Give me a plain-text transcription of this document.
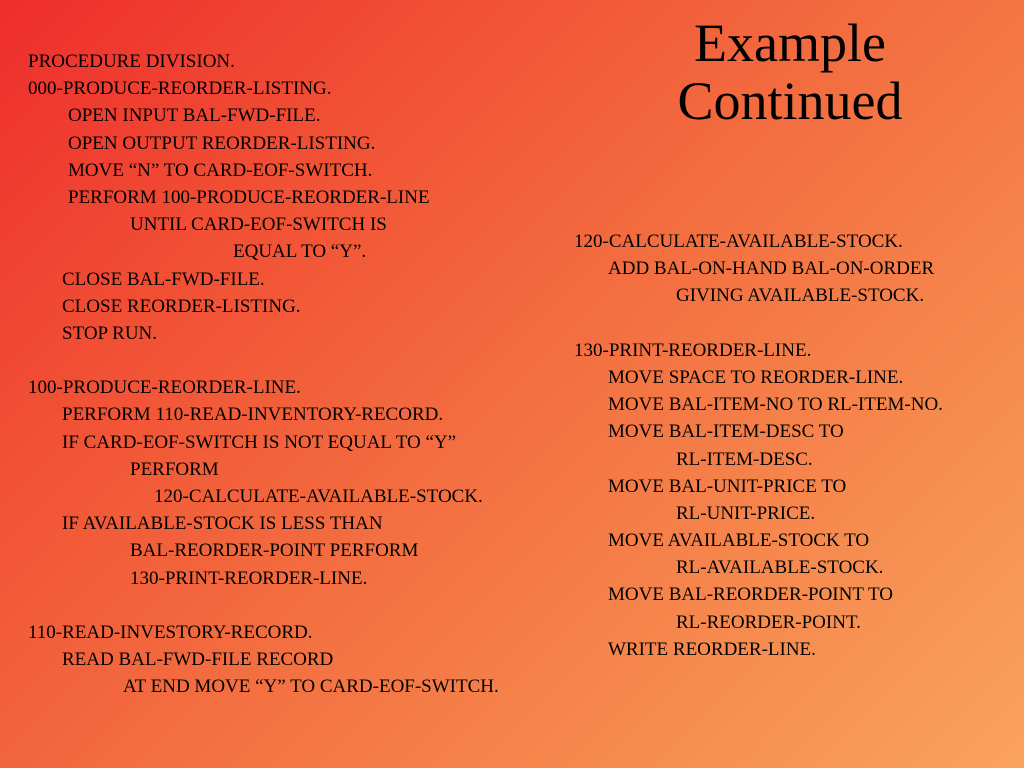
Example
Continued
PROCEDURE DIVISION.
000-PRODUCE-REORDER-LISTING.
OPEN INPUT BAL-FWD-FILE.
OPEN OUTPUT REORDER-LISTING.
MOVE “N” TO CARD-EOF-SWITCH.
PERFORM 100-PRODUCE-REORDER-LINE
UNTIL CARD-EOF-SWITCH IS
EQUAL TO “Y”.
CLOSE BAL-FWD-FILE.
CLOSE REORDER-LISTING.
STOP RUN.
100-PRODUCE-REORDER-LINE.
PERFORM 110-READ-INVENTORY-RECORD.
IF CARD-EOF-SWITCH IS NOT EQUAL TO “Y”
PERFORM
120-CALCULATE-AVAILABLE-STOCK.
IF AVAILABLE-STOCK IS LESS THAN
BAL-REORDER-POINT PERFORM
130-PRINT-REORDER-LINE.
110-READ-INVESTORY-RECORD.
READ BAL-FWD-FILE RECORD
AT END MOVE “Y” TO CARD-EOF-SWITCH.
120-CALCULATE-AVAILABLE-STOCK.
ADD BAL-ON-HAND BAL-ON-ORDER
GIVING AVAILABLE-STOCK.
130-PRINT-REORDER-LINE.
MOVE SPACE TO REORDER-LINE.
MOVE BAL-ITEM-NO TO RL-ITEM-NO.
MOVE BAL-ITEM-DESC TO
RL-ITEM-DESC.
MOVE BAL-UNIT-PRICE TO
RL-UNIT-PRICE.
MOVE AVAILABLE-STOCK TO
RL-AVAILABLE-STOCK.
MOVE BAL-REORDER-POINT TO
RL-REORDER-POINT.
WRITE REORDER-LINE.
